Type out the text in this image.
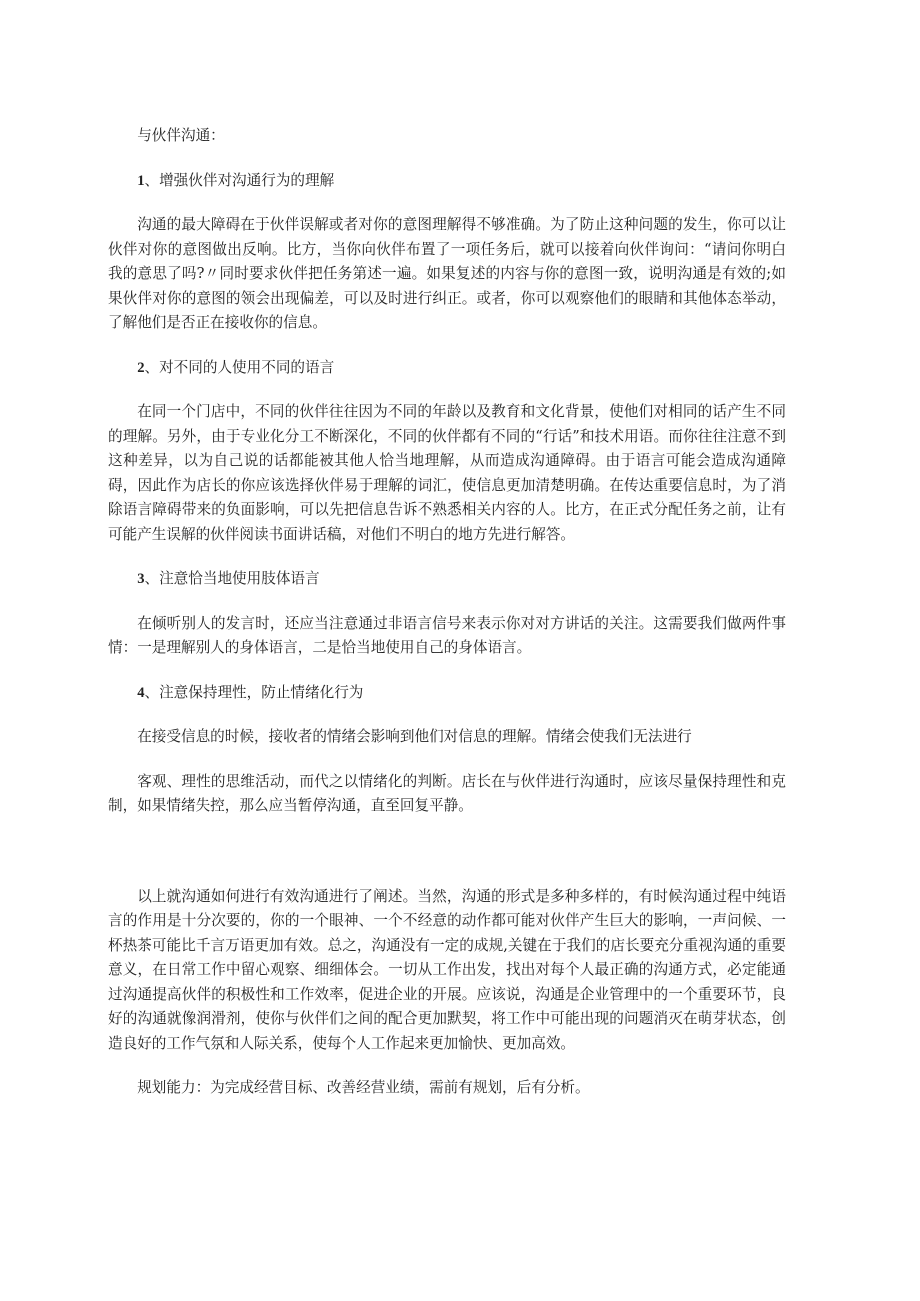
与伙伴沟通：

1、增强伙伴对沟通行为的理解

沟通的最大障碍在于伙伴误解或者对你的意图理解得不够准确。为了防止这种问题的发生，你可以让伙伴对你的意图做出反响。比方，当你向伙伴布置了一项任务后，就可以接着向伙伴询问：“请问你明白我的意思了吗?〃同时要求伙伴把任务第述一遍。如果复述的内容与你的意图一致，说明沟通是有效的;如果伙伴对你的意图的领会出现偏差，可以及时进行纠正。或者，你可以观察他们的眼睛和其他体态举动，了解他们是否正在接收你的信息。

2、对不同的人使用不同的语言

在同一个门店中，不同的伙伴往往因为不同的年龄以及教育和文化背景，使他们对相同的话产生不同的理解。另外，由于专业化分工不断深化，不同的伙伴都有不同的“行话”和技术用语。而你往往注意不到这种差异，以为自己说的话都能被其他人恰当地理解，从而造成沟通障碍。由于语言可能会造成沟通障碍，因此作为店长的你应该选择伙伴易于理解的词汇，使信息更加清楚明确。在传达重要信息时，为了消除语言障碍带来的负面影响，可以先把信息告诉不熟悉相关内容的人。比方，在正式分配任务之前，让有可能产生误解的伙伴阅读书面讲话稿，对他们不明白的地方先进行解答。

3、注意恰当地使用肢体语言

在倾听别人的发言时，还应当注意通过非语言信号来表示你对对方讲话的关注。这需要我们做两件事情：一是理解别人的身体语言，二是恰当地使用自己的身体语言。

4、注意保持理性，防止情绪化行为

在接受信息的时候，接收者的情绪会影响到他们对信息的理解。情绪会使我们无法进行

客观、理性的思维活动，而代之以情绪化的判断。店长在与伙伴进行沟通时，应该尽量保持理性和克制，如果情绪失控，那么应当暂停沟通，直至回复平静。

以上就沟通如何进行有效沟通进行了阐述。当然，沟通的形式是多种多样的，有时候沟通过程中纯语言的作用是十分次要的，你的一个眼神、一个不经意的动作都可能对伙伴产生巨大的影响，一声问候、一杯热茶可能比千言万语更加有效。总之，沟通没有一定的成规,关键在于我们的店长要充分重视沟通的重要意义，在日常工作中留心观察、细细体会。一切从工作出发，找出对每个人最正确的沟通方式，必定能通过沟通提高伙伴的积极性和工作效率，促进企业的开展。应该说，沟通是企业管理中的一个重要环节，良好的沟通就像润滑剂，使你与伙伴们之间的配合更加默契，将工作中可能出现的问题消灭在萌芽状态，创造良好的工作气氛和人际关系，使每个人工作起来更加愉快、更加高效。

规划能力：为完成经营目标、改善经营业绩，需前有规划，后有分析。
